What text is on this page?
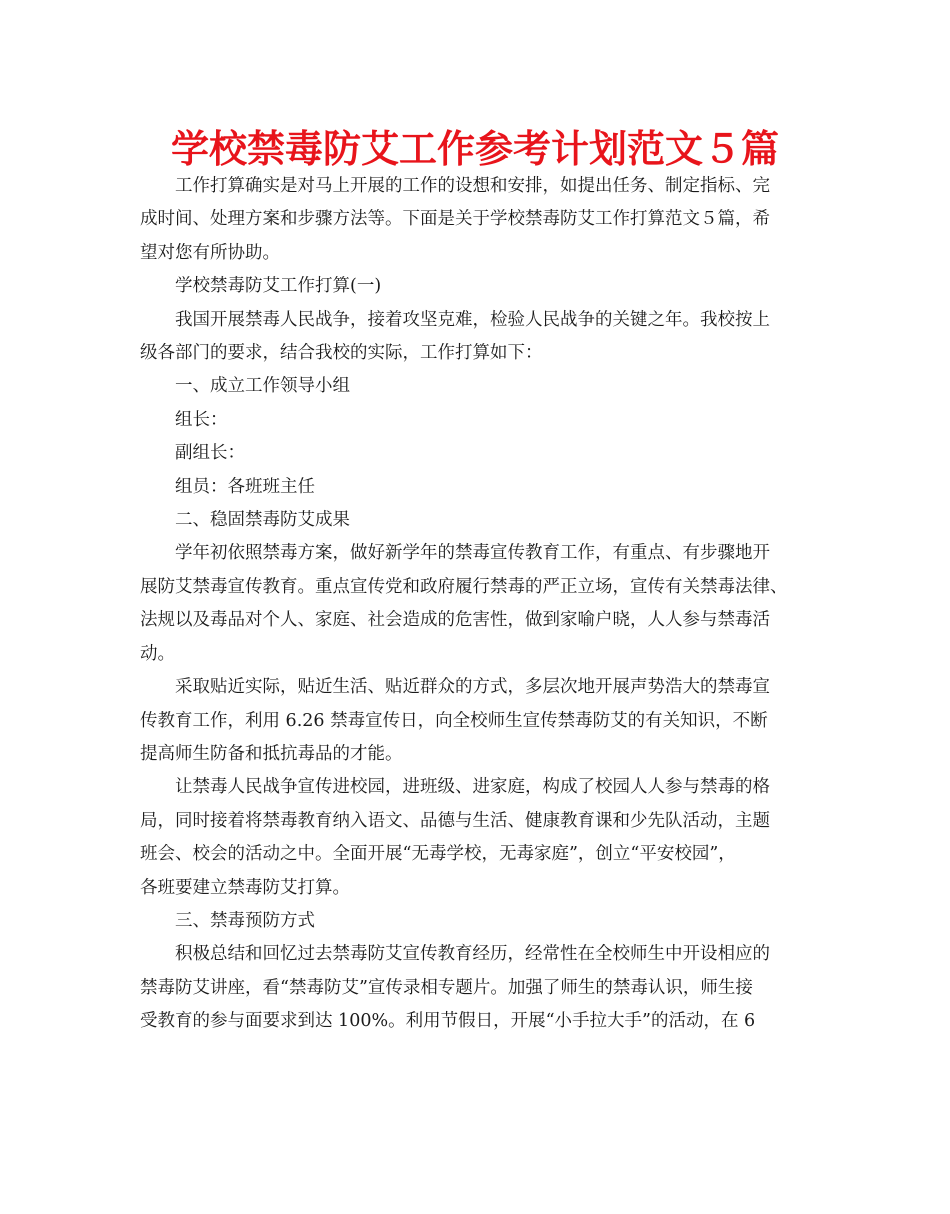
学校禁毒防艾工作参考计划范文５篇

工作打算确实是对马上开展的工作的设想和安排，如提出任务、制定指标、完
成时间、处理方案和步骤方法等。下面是关于学校禁毒防艾工作打算范文５篇，希
望对您有所协助。

学校禁毒防艾工作打算(一)

我国开展禁毒人民战争，接着攻坚克难，检验人民战争的关键之年。我校按上
级各部门的要求，结合我校的实际，工作打算如下：

一、成立工作领导小组

组长：

副组长：

组员：各班班主任

二、稳固禁毒防艾成果

学年初依照禁毒方案，做好新学年的禁毒宣传教育工作，有重点、有步骤地开
展防艾禁毒宣传教育。重点宣传党和政府履行禁毒的严正立场，宣传有关禁毒法律、
法规以及毒品对个人、家庭、社会造成的危害性，做到家喻户晓，人人参与禁毒活
动。

采取贴近实际，贴近生活、贴近群众的方式，多层次地开展声势浩大的禁毒宣
传教育工作，利用 6.26 禁毒宣传日，向全校师生宣传禁毒防艾的有关知识，不断
提高师生防备和抵抗毒品的才能。

让禁毒人民战争宣传进校园，进班级、进家庭，构成了校园人人参与禁毒的格
局，同时接着将禁毒教育纳入语文、品德与生活、健康教育课和少先队活动，主题
班会、校会的活动之中。全面开展“无毒学校，无毒家庭”，创立“平安校园”，
各班要建立禁毒防艾打算。

三、禁毒预防方式

积极总结和回忆过去禁毒防艾宣传教育经历，经常性在全校师生中开设相应的
禁毒防艾讲座，看“禁毒防艾”宣传录相专题片。加强了师生的禁毒认识，师生接
受教育的参与面要求到达 100%。利用节假日，开展“小手拉大手”的活动，在 6
